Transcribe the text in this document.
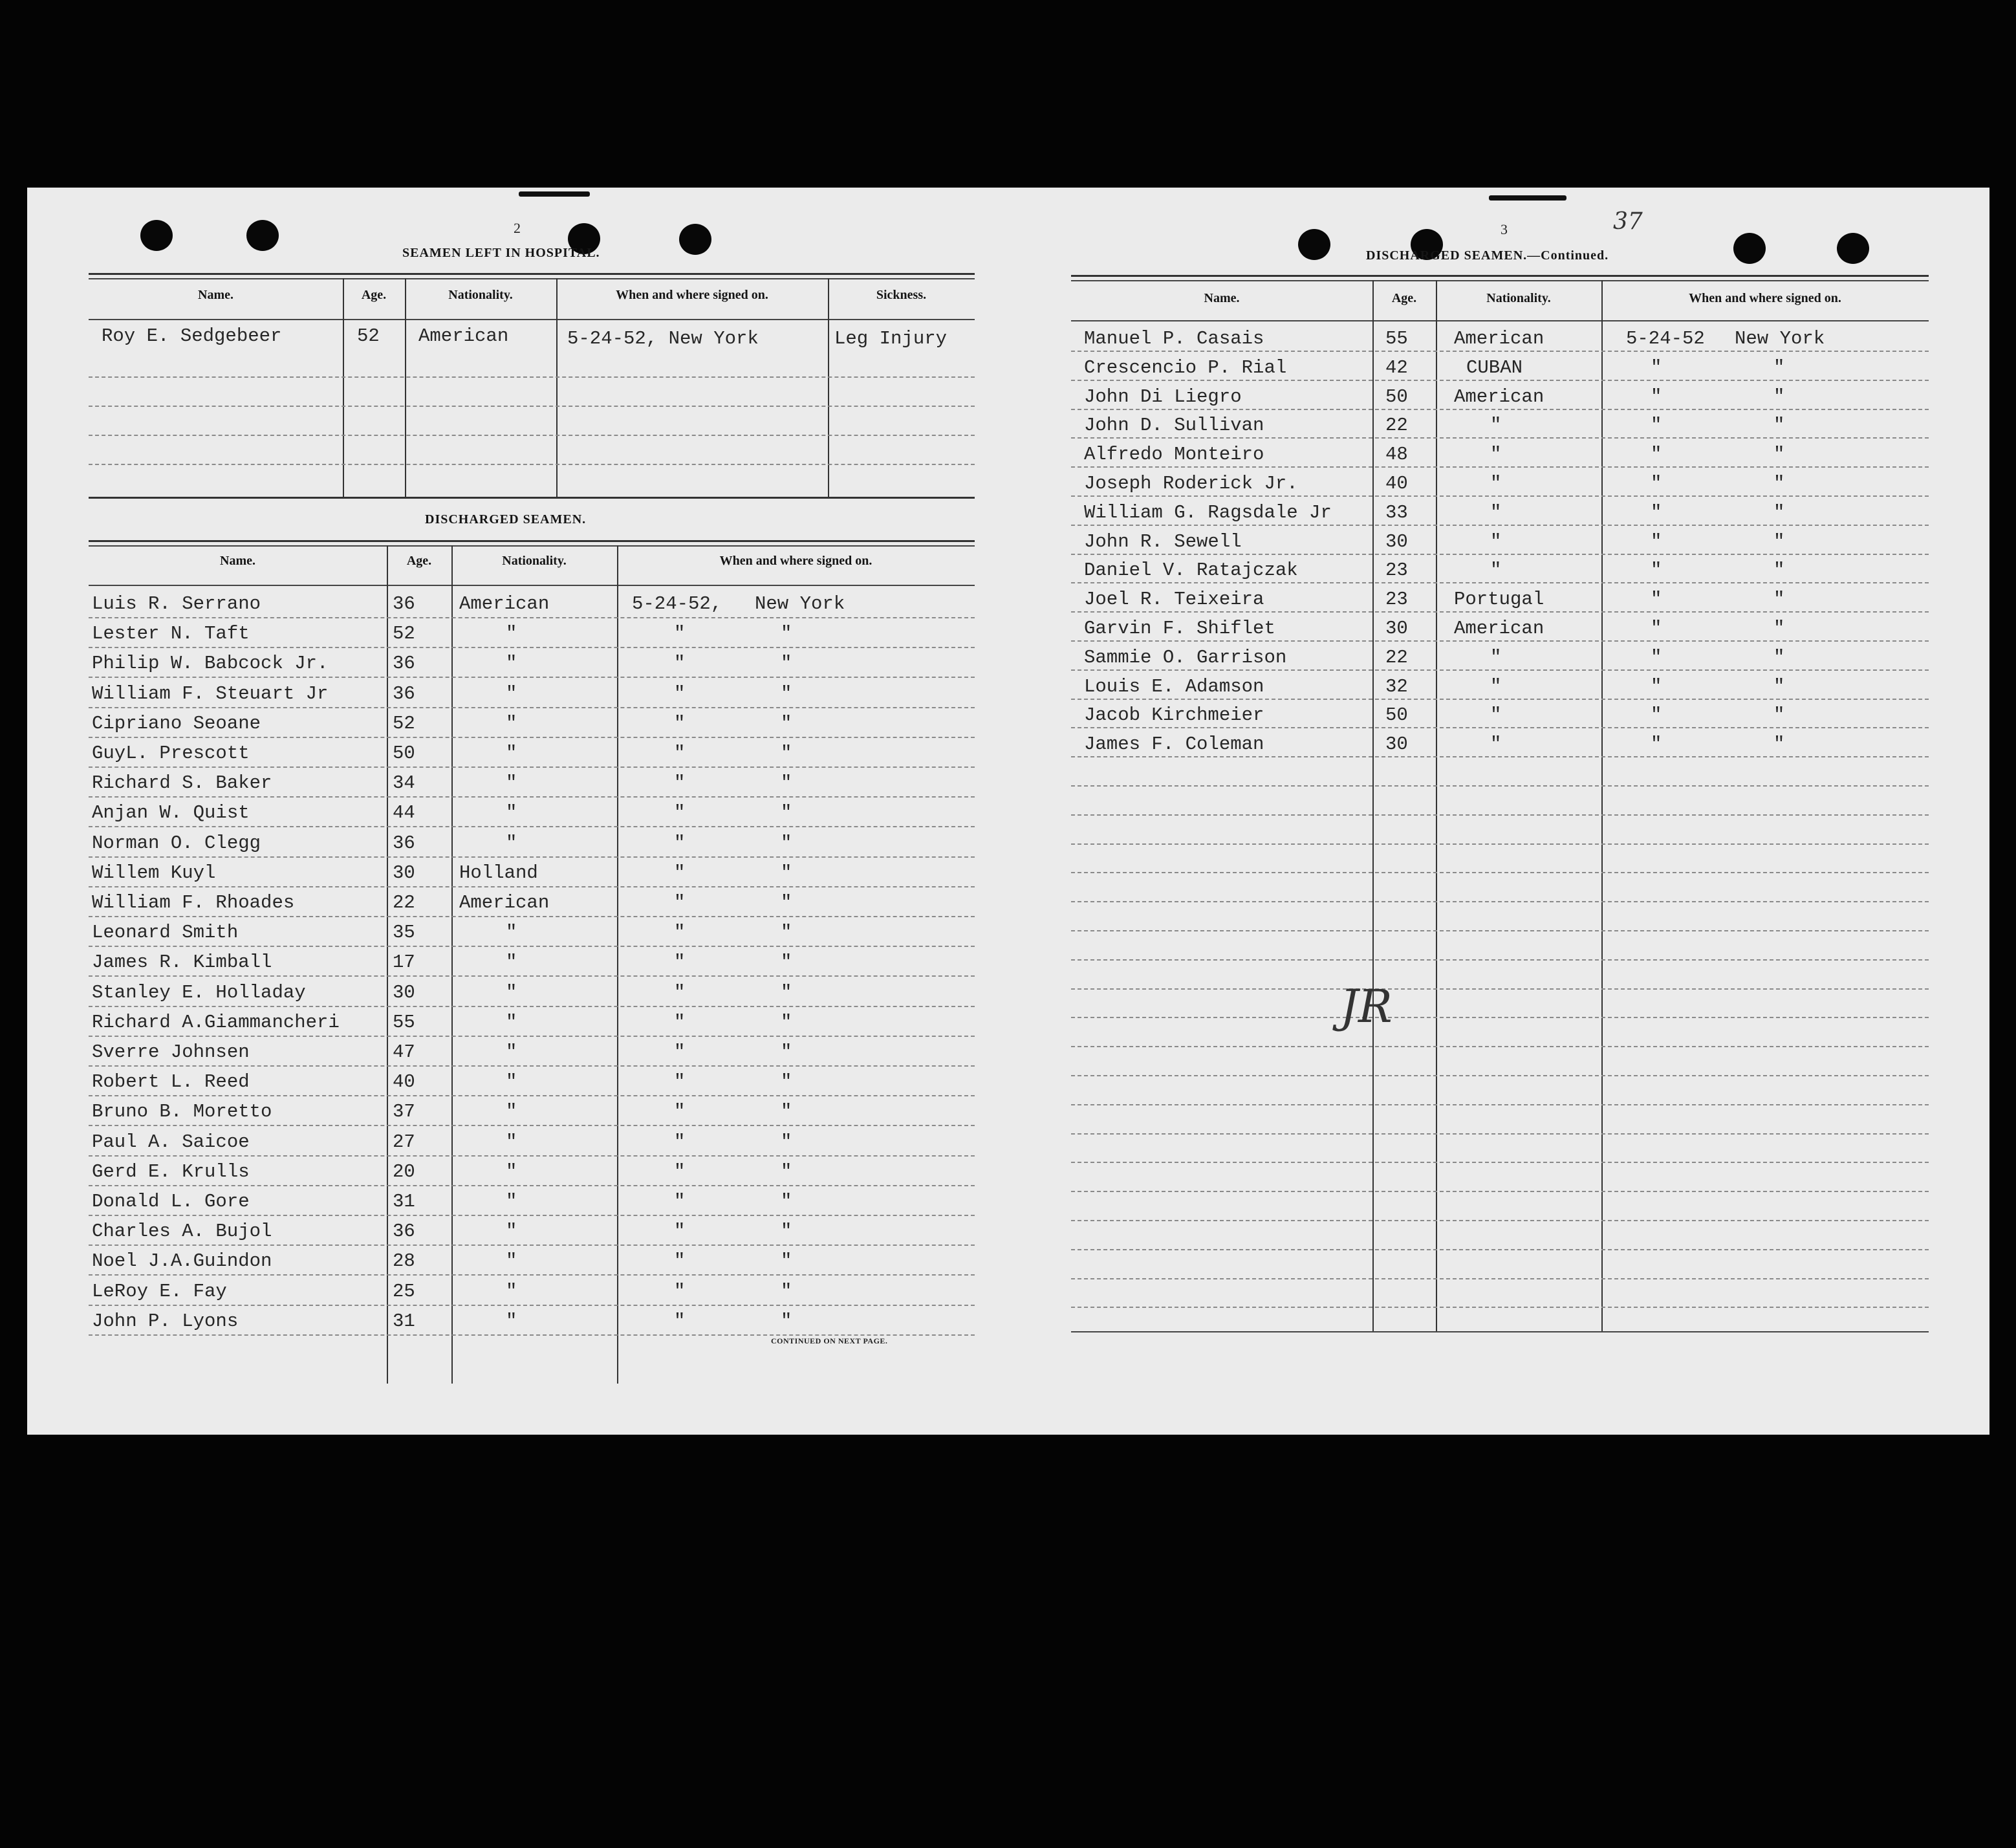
2
SEAMEN LEFT IN HOSPITAL.
Name.	Age.	Nationality.	When and where signed on.	Sickness.
Roy E. Sedgebeer	52 American	5-24-52, New York	Leg Injury
DISCHARGED SEAMEN.
Name.	Age.	Nationality.	When and where signed on.
Luis R. Serrano	36	American	5-24-52, New York
Lester N. Taft	52	"	"	"
Philip W. Babcock Jr.	36	"	"	"
William F. Steuart Jr	36	"	"	"
Cipriano Seoane	52	"	"	"
GuyL. Prescott	50	"	"	"
Richard S. Baker	34	"	"	"
Anjan W. Quist	44	"	"	"
Norman O. Clegg	36	"	"	"
Willem Kuyl	30	Holland	"	"
William F. Rhoades	22	American	"	"
Leonard Smith	35	"	"	"
James R. Kimball	17	"	"	"
Stanley E. Holladay	30	"	"	"
Richard A.Giammancheri	55	"	"	"
Sverre Johnsen	47	"	"	"
Robert L. Reed	40	"	"	"
Bruno B. Moretto	37	"	"	"
Paul A. Saicoe	27	"	"	"
Gerd E. Krulls	20	"	"	"
Donald L. Gore	31	"	"	"
Charles A. Bujol	36	"	"	"
Noel J.A.Guindon	28	"	"	"
LeRoy E. Fay	25	"	"	"
John P. Lyons	31	"	"	"
CONTINUED ON NEXT PAGE.
3	37
DISCHARGED SEAMEN.—Continued.
Name.	Age.	Nationality.	When and where signed on.
Manuel P. Casais	55	American	5-24-52 New York
Crescencio P. Rial	42	CUBAN	"	"
John Di Liegro	50	American	"	"
John D. Sullivan	22	"	"	"
Alfredo Monteiro	48	"	"	"
Joseph Roderick Jr.	40	"	"	"
William G. Ragsdale Jr	33	"	"	"
John R. Sewell	30	"	"	"
Daniel V. Ratajczak	23	"	"	"
Joel R. Teixeira	23	Portugal	"	"
Garvin F. Shiflet	30	American	"	"
Sammie O. Garrison	22	"	"	"
Louis E. Adamson	32	"	"	"
Jacob Kirchmeier	50	"	"	"
James F. Coleman	30	"	"	"
JR
